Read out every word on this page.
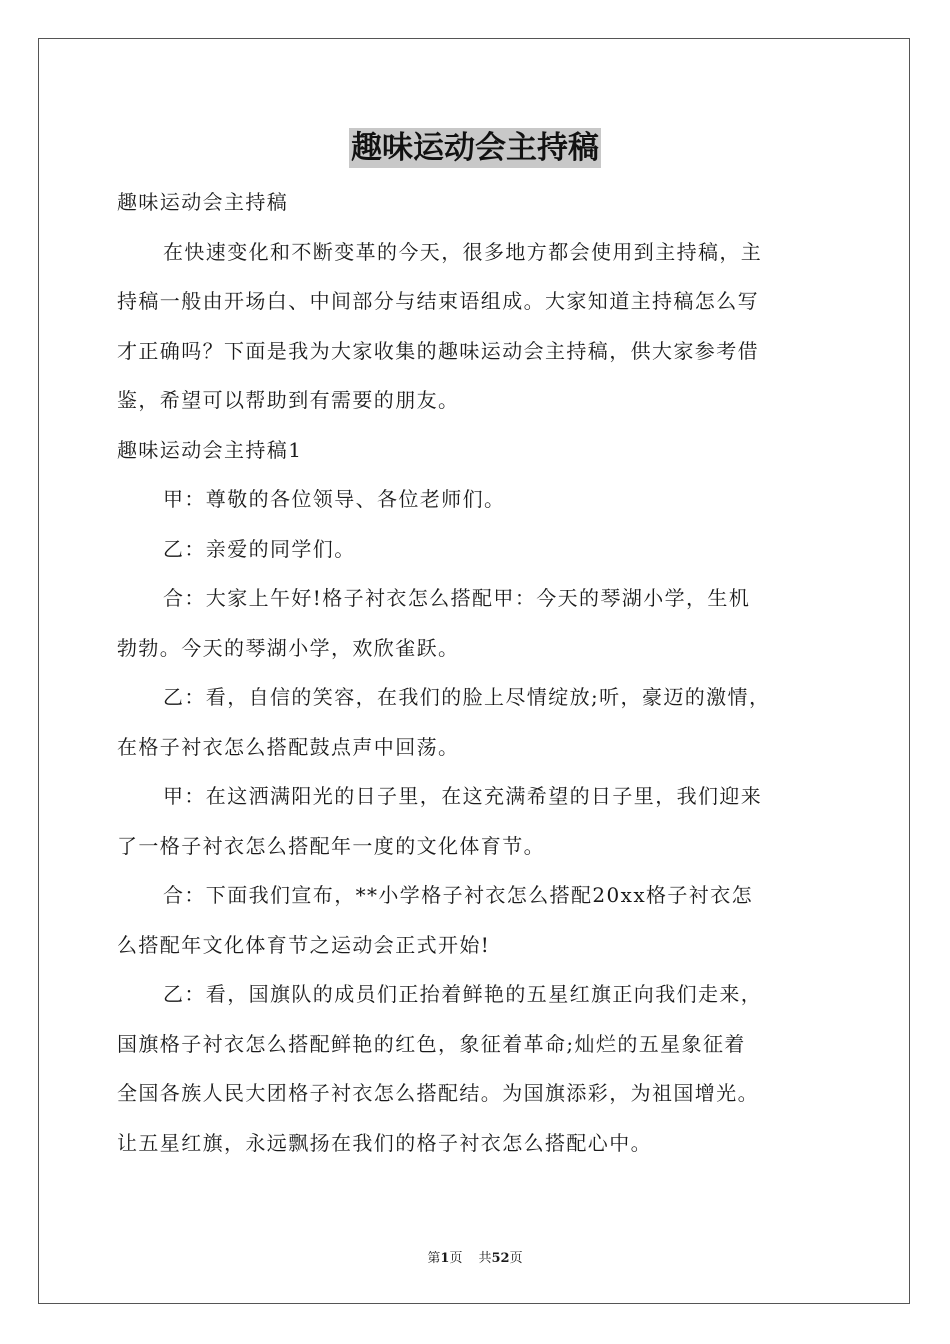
趣味运动会主持稿
趣味运动会主持稿
在快速变化和不断变革的今天，很多地方都会使用到主持稿，主
持稿一般由开场白、中间部分与结束语组成。大家知道主持稿怎么写
才正确吗？下面是我为大家收集的趣味运动会主持稿，供大家参考借
鉴，希望可以帮助到有需要的朋友。
趣味运动会主持稿1
甲：尊敬的各位领导、各位老师们。
乙：亲爱的同学们。
合：大家上午好!格子衬衣怎么搭配甲：今天的琴湖小学，生机
勃勃。今天的琴湖小学，欢欣雀跃。
乙：看，自信的笑容，在我们的脸上尽情绽放;听，豪迈的激情，
在格子衬衣怎么搭配鼓点声中回荡。
甲：在这洒满阳光的日子里，在这充满希望的日子里，我们迎来
了一格子衬衣怎么搭配年一度的文化体育节。
合：下面我们宣布，**小学格子衬衣怎么搭配20xx格子衬衣怎
么搭配年文化体育节之运动会正式开始!
乙：看，国旗队的成员们正抬着鲜艳的五星红旗正向我们走来，
国旗格子衬衣怎么搭配鲜艳的红色，象征着革命;灿烂的五星象征着
全国各族人民大团格子衬衣怎么搭配结。为国旗添彩，为祖国增光。
让五星红旗，永远飘扬在我们的格子衬衣怎么搭配心中。
第1页 共52页
